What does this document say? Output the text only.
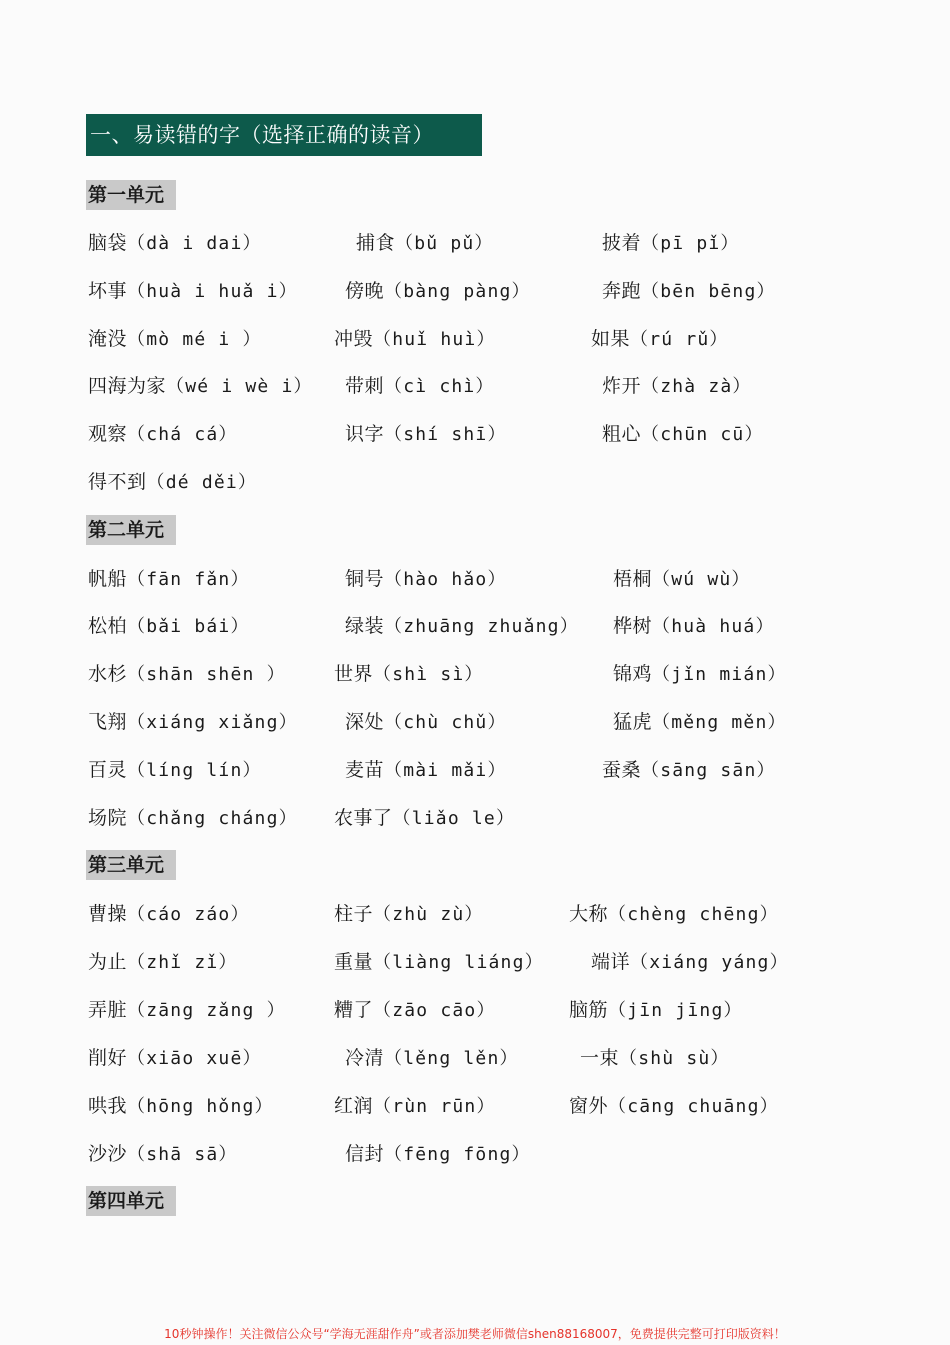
一、易读错的字（选择正确的读音）
第一单元
脑袋（dà i dai）	捕食（bǔ pǔ）	披着（pī pǐ）
坏事（huà i huǎ i） 傍晚（bàng pàng）	奔跑（bēn bēng）
淹没（mò mé i ）	冲毁（huǐ huì）	如果（rú rǔ）
四海为家（wé i wè i） 带刺（cì chì）	炸开（zhà zà）
观察（chá cá）	识字（shí shī）	粗心（chūn cū）
得不到（dé děi）
第二单元
帆船（fān fǎn）	铜号（hào hǎo）	梧桐（wú wù）
松柏（bǎi bái）	绿装（zhuāng zhuǎng） 桦树（huà huá）
水杉（shān shēn ）	世界（shì sì）	锦鸡（jǐn mián）
飞翔（xiáng xiǎng） 深处（chù chǔ）	猛虎（měng měn）
百灵（líng lín）	麦苗（mài mǎi）	蚕桑（sāng sān）
场院（chǎng cháng） 农事了（liǎo le）
第三单元
曹操（cáo záo）	柱子（zhù zù）	大称（chèng chēng）
为止（zhǐ zǐ）	重量（liàng liáng） 端详（xiáng yáng）
弄脏（zāng zǎng ）	糟了（zāo cāo）	脑筋（jīn jīng）
削好（xiāo xuē）	冷清（lěng lěn）	一束（shù sù）
哄我（hōng hǒng）	红润（rùn rūn）	窗外（cāng chuāng）
沙沙（shā sā）	信封（fēng fōng）
第四单元
10秒钟操作！关注微信公众号“学海无涯甜作舟”或者添加樊老师微信shen88168007，免费提供完整可打印版资料！
